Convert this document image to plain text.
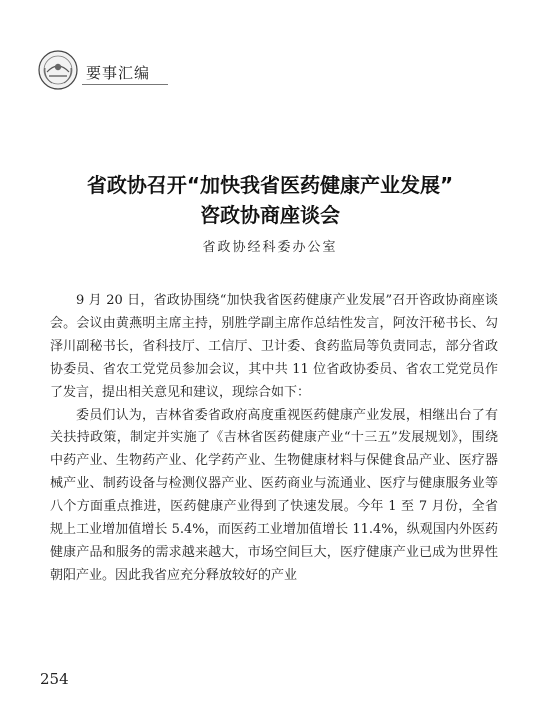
要事汇编
省政协召开“加快我省医药健康产业发展”
咨政协商座谈会
省政协经科委办公室

9 月 20 日，省政协围绕“加快我省医药健康产业发展”召开咨政协商座谈会。会议由黄燕明主席主持，别胜学副主席作总结性发言，阿汝汗秘书长、勾泽川副秘书长，省科技厅、工信厅、卫计委、食药监局等负责同志，部分省政协委员、省农工党党员参加会议，其中共 11 位省政协委员、省农工党党员作了发言，提出相关意见和建议，现综合如下：

委员们认为，吉林省委省政府高度重视医药健康产业发展，相继出台了有关扶持政策，制定并实施了《吉林省医药健康产业“十三五”发展规划》，围绕中药产业、生物药产业、化学药产业、生物健康材料与保健食品产业、医疗器械产业、制药设备与检测仪器产业、医药商业与流通业、医疗与健康服务业等八个方面重点推进，医药健康产业得到了快速发展。今年 1 至 7 月份，全省规上工业增加值增长 5.4%，而医药工业增加值增长 11.4%，纵观国内外医药健康产品和服务的需求越来越大，市场空间巨大，医疗健康产业已成为世界性朝阳产业。因此我省应充分释放较好的产业

254
